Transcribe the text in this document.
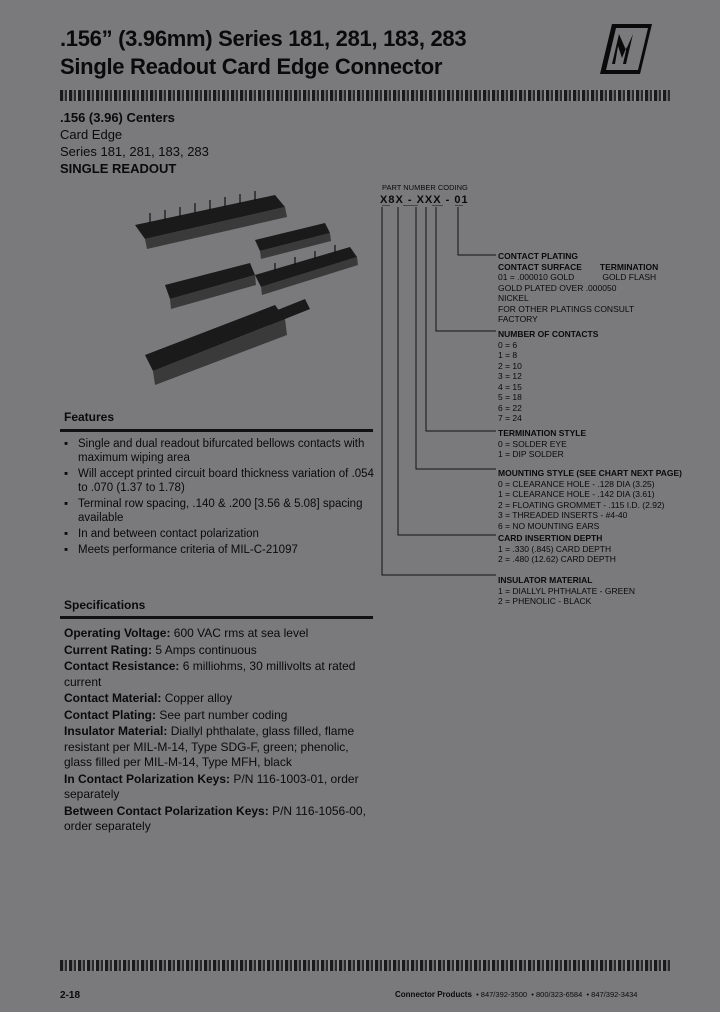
.156” (3.96mm) Series 181, 281, 183, 283
Single Readout Card Edge Connector
.156 (3.96) Centers
Card Edge
Series 181, 281, 183, 283
SINGLE READOUT
Features
▪ Single and dual readout bifurcated bellows contacts with maximum wiping area
▪ Will accept printed circuit board thickness variation of .054 to .070 (1.37 to 1.78)
▪ Terminal row spacing, .140 & .200 [3.56 & 5.08] spacing available
▪ In and between contact polarization
▪ Meets performance criteria of MIL-C-21097
Specifications

Operating Voltage: 600 VAC rms at sea level

Current Rating: 5 Amps continuous

Contact Resistance: 6 milliohms, 30 millivolts at rated current

Contact Material: Copper alloy

Contact Plating: See part number coding

Insulator Material: Diallyl phthalate, glass filled, flame resistant per MIL-M-14, Type SDG-F, green; phenolic, glass filled per MIL-M-14, Type MFH, black

In Contact Polarization Keys: P/N 116-1003-01, order separately

Between Contact Polarization Keys: P/N 116-1056-00, order separately

PART NUMBER CODING
X8X - XXX - 01
CONTACT PLATING
CONTACT SURFACE TERMINATION
01 = .000010 GOLD	GOLD FLASH
GOLD PLATED OVER .000050
NICKEL
FOR OTHER PLATINGS CONSULT
FACTORY
NUMBER OF CONTACTS
0 = 6
1 = 8
2 = 10
3 = 12
4 = 15
5 = 18
6 = 22
7 = 24
TERMINATION STYLE
0 = SOLDER EYE
1 = DIP SOLDER
MOUNTING STYLE (SEE CHART NEXT PAGE)
0 = CLEARANCE HOLE - .128 DIA (3.25)
1 = CLEARANCE HOLE - .142 DIA (3.61)
2 = FLOATING GROMMET - .115 I.D. (2.92)
3 = THREADED INSERTS - #4-40
6 = NO MOUNTING EARS
CARD INSERTION DEPTH
1 = .330 (.845) CARD DEPTH
2 = .480 (12.62) CARD DEPTH
INSULATOR MATERIAL
1 = DIALLYL PHTHALATE - GREEN
2 = PHENOLIC - BLACK
2-18	Connector Products  • 847/392-3500  • 800/323-6584  • 847/392-3434
